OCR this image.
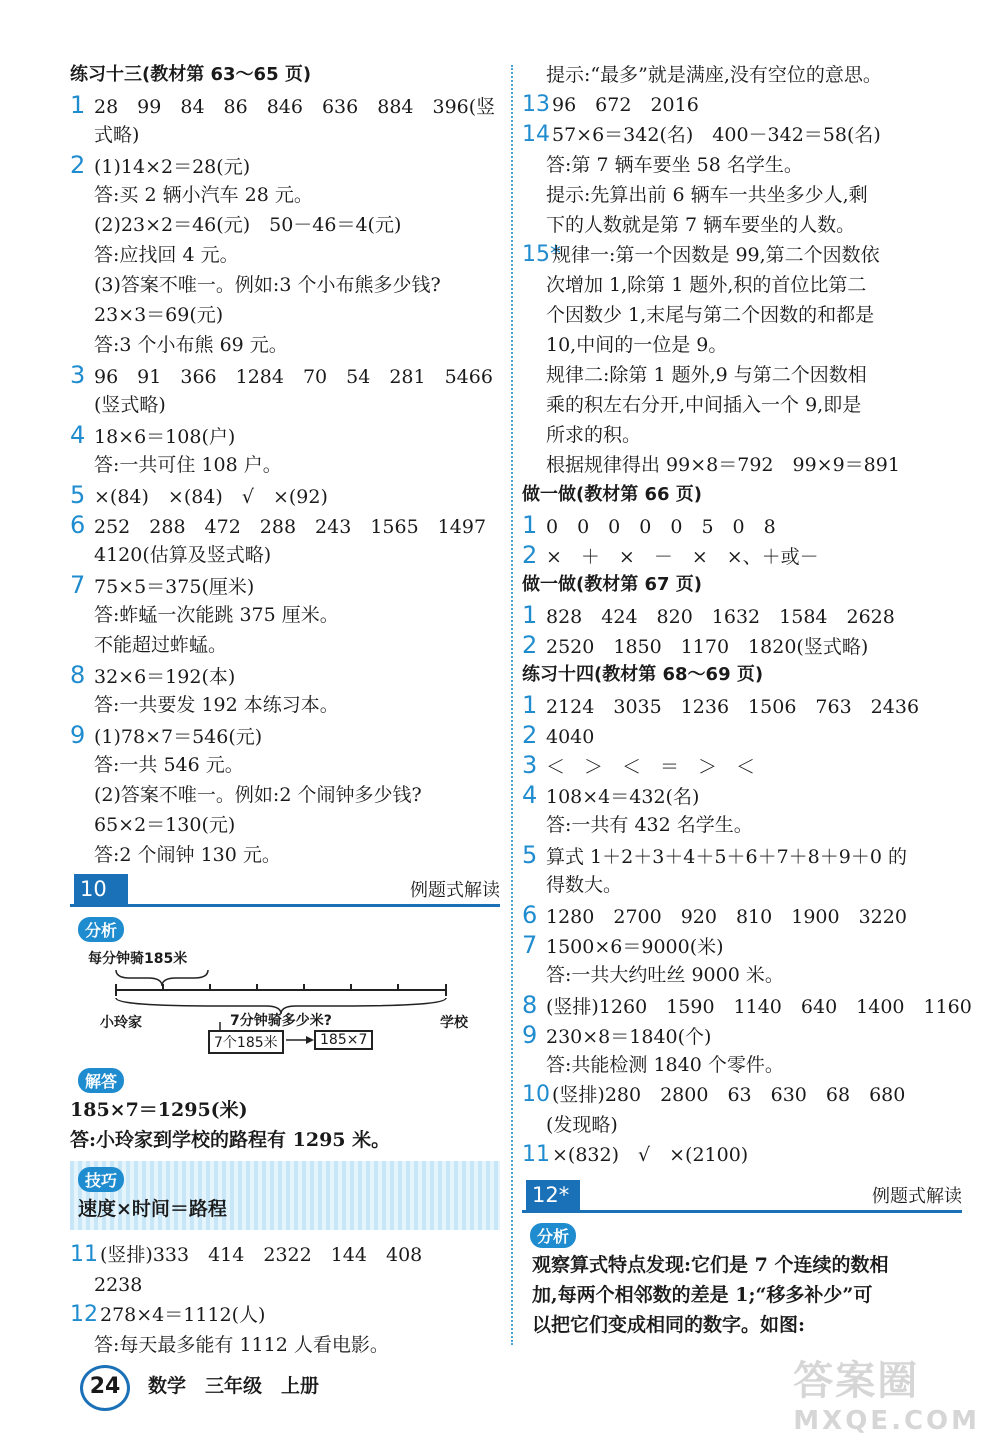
练习十三(教材第 63～65 页)
1 28　99　84　86　846　636　884　396(竖
式略)
2 (1)14×2＝28(元)
答:买 2 辆小汽车 28 元。
(2)23×2＝46(元)　50－46＝4(元)
答:应找回 4 元。
(3)答案不唯一。例如:3 个小布熊多少钱?
23×3＝69(元)
答:3 个小布熊 69 元。
3 96　91　366　1284　70　54　281　5466
(竖式略)
4 18×6＝108(户)
答:一共可住 108 户。
5 ×(84)　×(84)　√　×(92)
6 252　288　472　288　243　1565　1497
4120(估算及竖式略)
7 75×5＝375(厘米)
答:蚱蜢一次能跳 375 厘米。
不能超过蚱蜢。
8 32×6＝192(本)
答:一共要发 192 本练习本。
9 (1)78×7＝546(元)
答:一共 546 元。
(2)答案不唯一。例如:2 个闹钟多少钱?
65×2＝130(元)
答:2 个闹钟 130 元。
10	例题式解读
分析
每分钟骑185米
小玲家	学校
7分钟骑多少米?
7个185米	185×7
解答
185×7＝1295(米)
答:小玲家到学校的路程有 1295 米。
技巧
速度×时间＝路程
11 (竖排)333　414　2322　144　408
2238
12 278×4＝1112(人)
答:每天最多能有 1112 人看电影。
提示:“最多”就是满座,没有空位的意思。
13 96　672　2016
14 57×6＝342(名)　400－342＝58(名)
答:第 7 辆车要坐 58 名学生。
提示:先算出前 6 辆车一共坐多少人,剩
下的人数就是第 7 辆车要坐的人数。
15*规律一:第一个因数是 99,第二个因数依
次增加 1,除第 1 题外,积的首位比第二
个因数少 1,末尾与第二个因数的和都是
10,中间的一位是 9。
规律二:除第 1 题外,9 与第二个因数相
乘的积左右分开,中间插入一个 9,即是
所求的积。
根据规律得出 99×8＝792　99×9＝891
做一做(教材第 66 页)
1 0　0　0　0　0　5　0　8
2 ×　＋　×　－　×　×、＋或－
做一做(教材第 67 页)
1 828　424　820　1632　1584　2628
2 2520　1850　1170　1820(竖式略)
练习十四(教材第 68～69 页)
1 2124　3035　1236　1506　763　2436
2 4040
3 ＜　＞　＜　＝　＞　＜
4 108×4＝432(名)
答:一共有 432 名学生。
5 算式 1＋2＋3＋4＋5＋6＋7＋8＋9＋0 的
得数大。
6 1280　2700　920　810　1900　3220
7 1500×6＝9000(米)
答:一共大约吐丝 9000 米。
8 (竖排)1260　1590　1140　640　1400　1160
9 230×8＝1840(个)
答:共能检测 1840 个零件。
10 (竖排)280　2800　63　630　68　680
(发现略)
11 ×(832)　√　×(2100)
12*	例题式解读
分析
观察算式特点发现:它们是 7 个连续的数相
加,每两个相邻数的差是 1;“移多补少”可
以把它们变成相同的数字。如图:
24	数学　三年级　上册	答案圈
MXQE.COM
